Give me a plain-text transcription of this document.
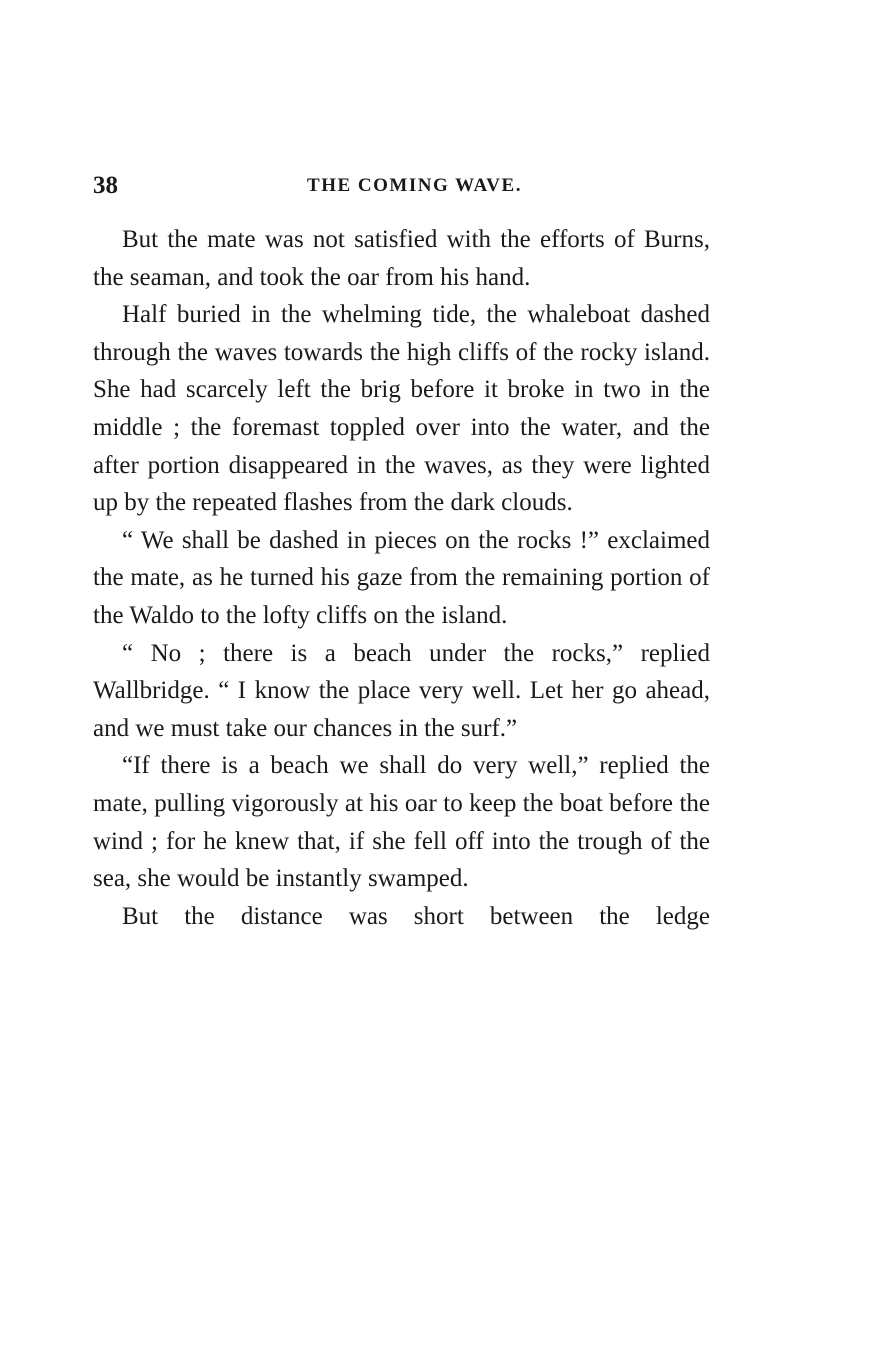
38	THE COMING WAVE.

But the mate was not satisfied with the efforts of Burns, the seaman, and took the oar from his hand.

Half buried in the whelming tide, the whaleboat dashed through the waves towards the high cliffs of the rocky island. She had scarcely left the brig before it broke in two in the middle ; the foremast toppled over into the water, and the after portion disappeared in the waves, as they were lighted up by the repeated flashes from the dark clouds.

“ We shall be dashed in pieces on the rocks !” exclaimed the mate, as he turned his gaze from the remaining portion of the Waldo to the lofty cliffs on the island.

“ No ; there is a beach under the rocks,” replied Wallbridge. “ I know the place very well. Let her go ahead, and we must take our chances in the surf.”

“If there is a beach we shall do very well,” replied the mate, pulling vigorously at his oar to keep the boat before the wind ; for he knew that, if she fell off into the trough of the sea, she would be instantly swamped.

But the distance was short between the ledge
